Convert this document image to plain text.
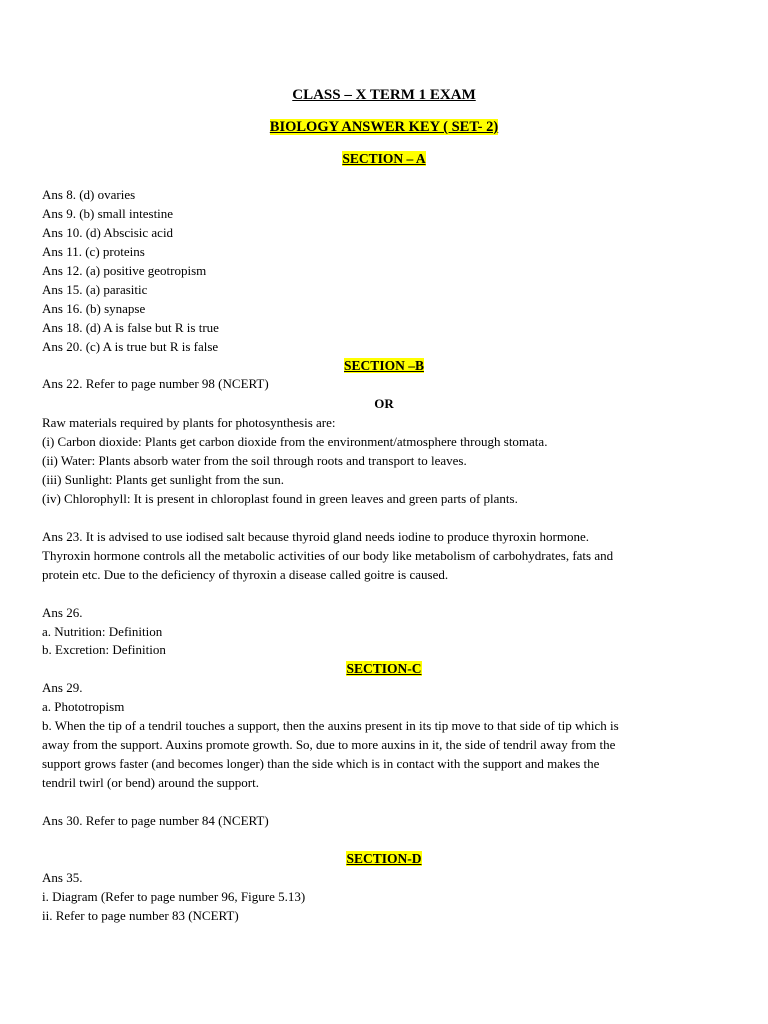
CLASS – X TERM 1 EXAM

BIOLOGY ANSWER KEY ( SET- 2)

SECTION – A

Ans 8. (d) ovaries

Ans 9. (b) small intestine

Ans 10. (d) Abscisic acid

Ans 11. (c) proteins

Ans 12. (a) positive geotropism

Ans 15. (a) parasitic

Ans 16. (b) synapse

Ans 18. (d) A is false but R is true

Ans 20. (c) A is true but R is false

SECTION –B

Ans 22. Refer to page number 98 (NCERT)

OR

Raw materials required by plants for photosynthesis are:

(i) Carbon dioxide: Plants get carbon dioxide from the environment/atmosphere through stomata.

(ii) Water: Plants absorb water from the soil through roots and transport to leaves.

(iii) Sunlight: Plants get sunlight from the sun.

(iv) Chlorophyll: It is present in chloroplast found in green leaves and green parts of plants.

Ans 23. It is advised to use iodised salt because thyroid gland needs iodine to produce thyroxin hormone.

Thyroxin hormone controls all the metabolic activities of our body like metabolism of carbohydrates, fats and

protein etc. Due to the deficiency of thyroxin a disease called goitre is caused.

Ans 26.

a. Nutrition: Definition

b. Excretion: Definition

SECTION-C

Ans 29.

a. Phototropism

b. When the tip of a tendril touches a support, then the auxins present in its tip move to that side of tip which is

away from the support. Auxins promote growth. So, due to more auxins in it, the side of tendril away from the

support grows faster (and becomes longer) than the side which is in contact with the support and makes the

tendril twirl (or bend) around the support.

Ans 30. Refer to page number 84 (NCERT)

SECTION-D

Ans 35.

i. Diagram (Refer to page number 96, Figure 5.13)

ii. Refer to page number 83 (NCERT)
